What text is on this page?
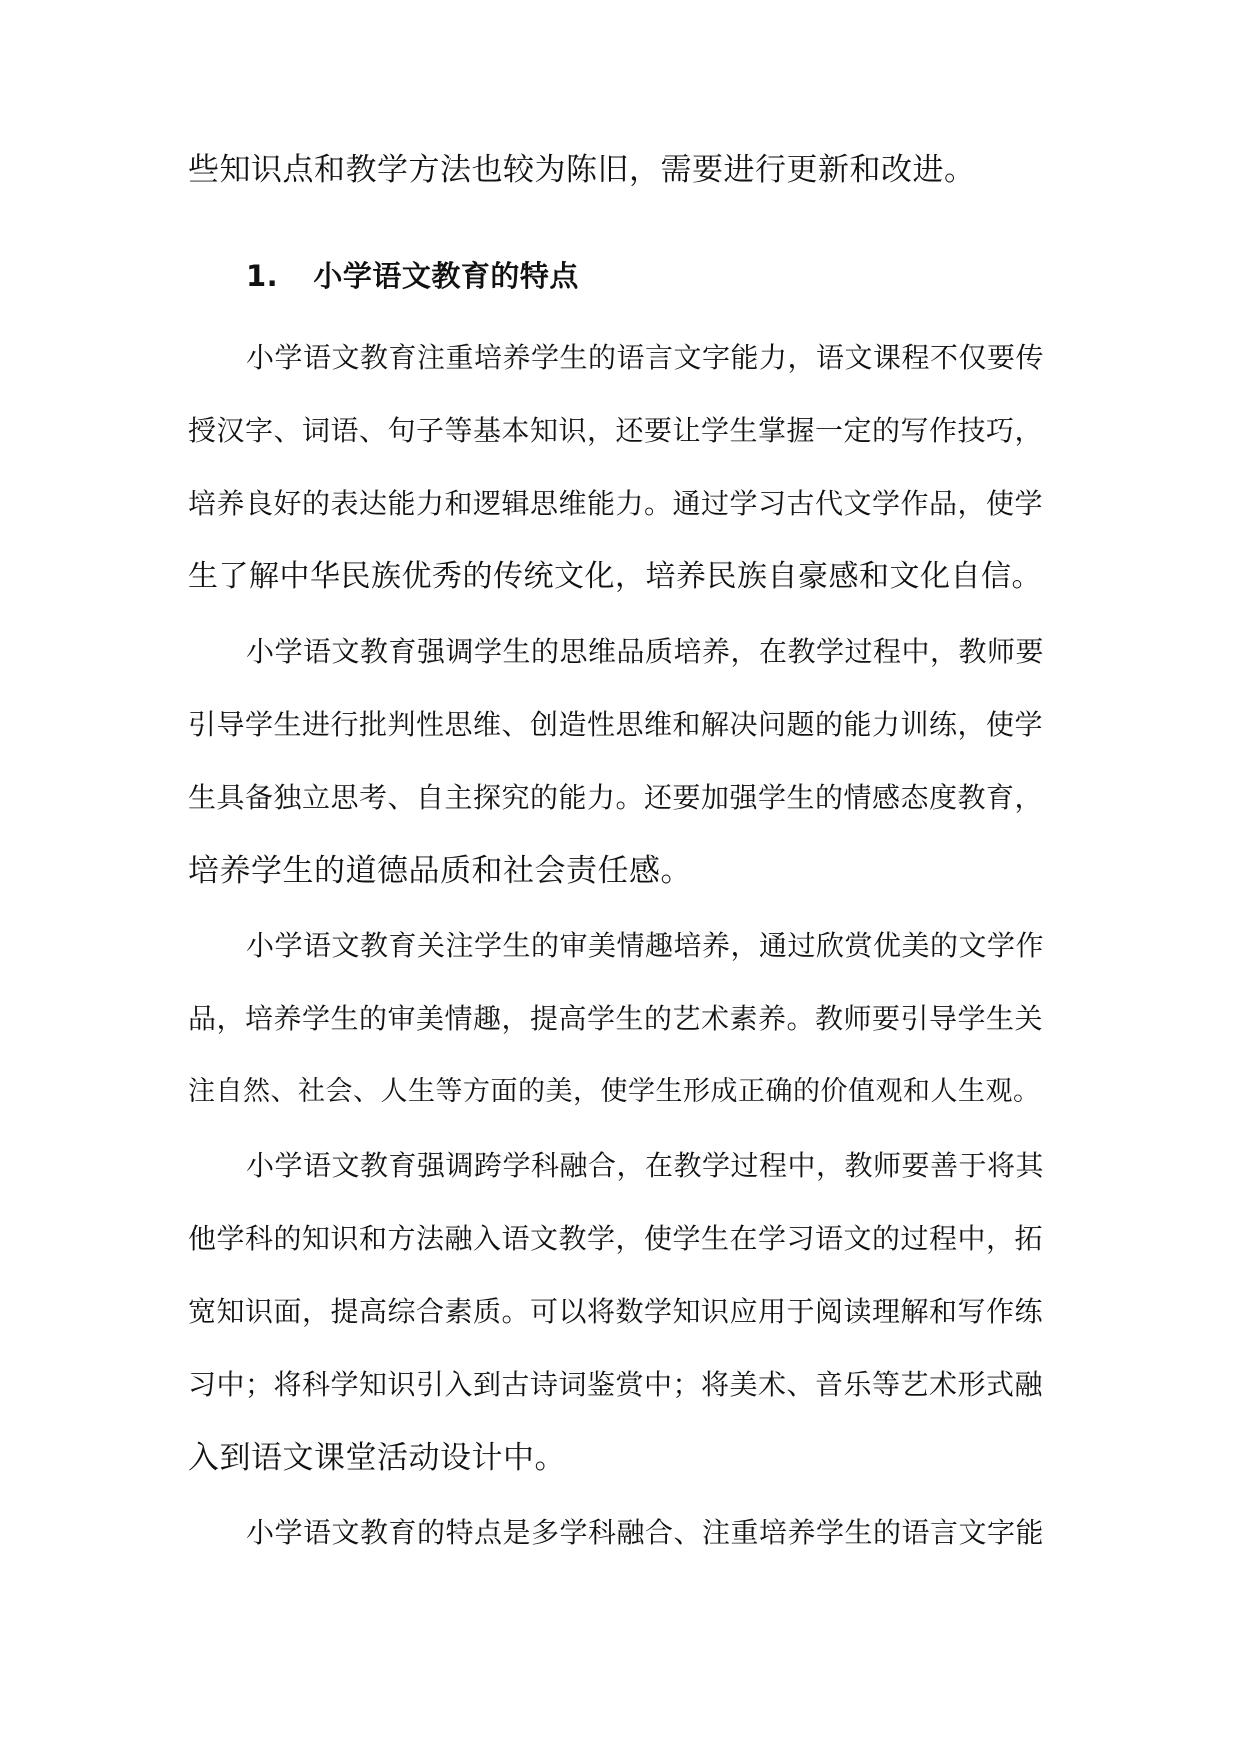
些知识点和教学方法也较为陈旧，需要进行更新和改进。
1. 小学语文教育的特点
小学语文教育注重培养学生的语言文字能力，语文课程不仅要传
授汉字、词语、句子等基本知识，还要让学生掌握一定的写作技巧，
培养良好的表达能力和逻辑思维能力。通过学习古代文学作品，使学
生了解中华民族优秀的传统文化，培养民族自豪感和文化自信。
小学语文教育强调学生的思维品质培养，在教学过程中，教师要
引导学生进行批判性思维、创造性思维和解决问题的能力训练，使学
生具备独立思考、自主探究的能力。还要加强学生的情感态度教育，
培养学生的道德品质和社会责任感。
小学语文教育关注学生的审美情趣培养，通过欣赏优美的文学作
品，培养学生的审美情趣，提高学生的艺术素养。教师要引导学生关
注自然、社会、人生等方面的美，使学生形成正确的价值观和人生观。
小学语文教育强调跨学科融合，在教学过程中，教师要善于将其
他学科的知识和方法融入语文教学，使学生在学习语文的过程中，拓
宽知识面，提高综合素质。可以将数学知识应用于阅读理解和写作练
习中；将科学知识引入到古诗词鉴赏中；将美术、音乐等艺术形式融
入到语文课堂活动设计中。
小学语文教育的特点是多学科融合、注重培养学生的语言文字能
